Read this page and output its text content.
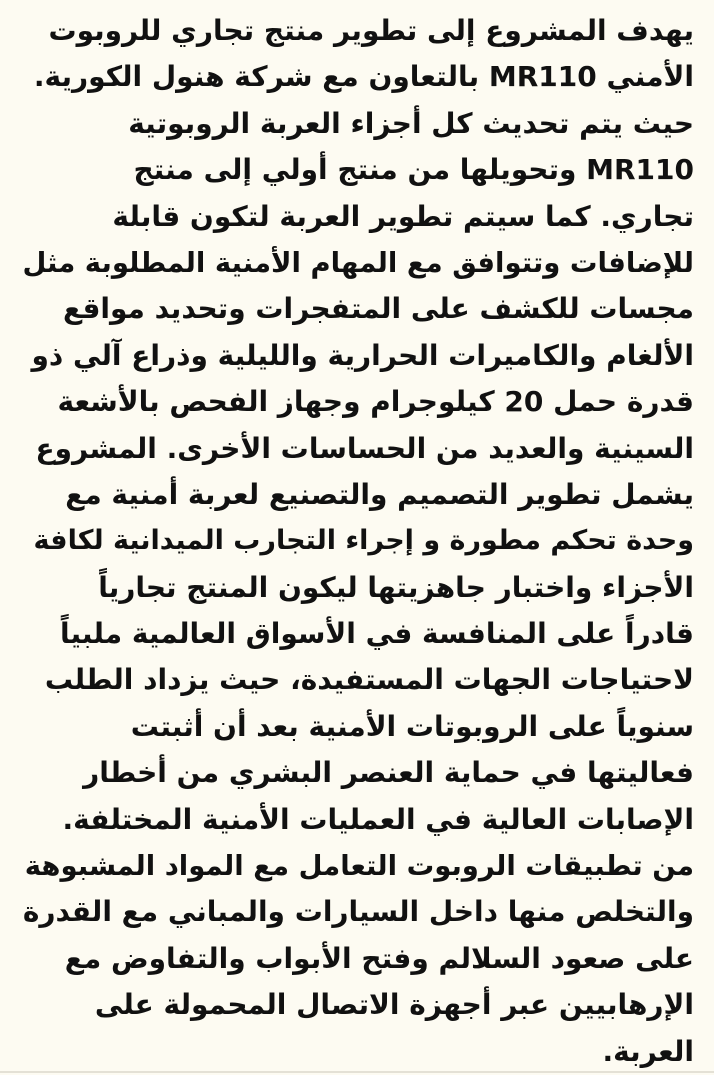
يهدف المشروع إلى تطوير منتج تجاري للروبوت
الأمني MR110 بالتعاون مع شركة هنول الكورية.
حيث يتم تحديث كل أجزاء العربة الروبوتية
MR110 وتحويلها من منتج أولي إلى منتج
تجاري. كما سيتم تطوير العربة لتكون قابلة
للإضافات وتتوافق مع المهام الأمنية المطلوبة مثل
مجسات للكشف على المتفجرات وتحديد مواقع
الألغام والكاميرات الحرارية والليلية وذراع آلي ذو
قدرة حمل 20 كيلوجرام وجهاز الفحص بالأشعة
السينية والعديد من الحساسات الأخرى. المشروع
يشمل تطوير التصميم والتصنيع لعربة أمنية مع
وحدة تحكم مطورة و إجراء التجارب الميدانية لكافة
الأجزاء واختبار جاهزيتها ليكون المنتج تجارياً
قادراً على المنافسة في الأسواق العالمية ملبياً
لاحتياجات الجهات المستفيدة، حيث يزداد الطلب
سنوياً على الروبوتات الأمنية بعد أن أثبتت
فعاليتها في حماية العنصر البشري من أخطار
الإصابات العالية في العمليات الأمنية المختلفة.
من تطبيقات الروبوت التعامل مع المواد المشبوهة
والتخلص منها داخل السيارات والمباني مع القدرة
على صعود السلالم وفتح الأبواب والتفاوض مع
الإرهابيين عبر أجهزة الاتصال المحمولة على
العربة.
